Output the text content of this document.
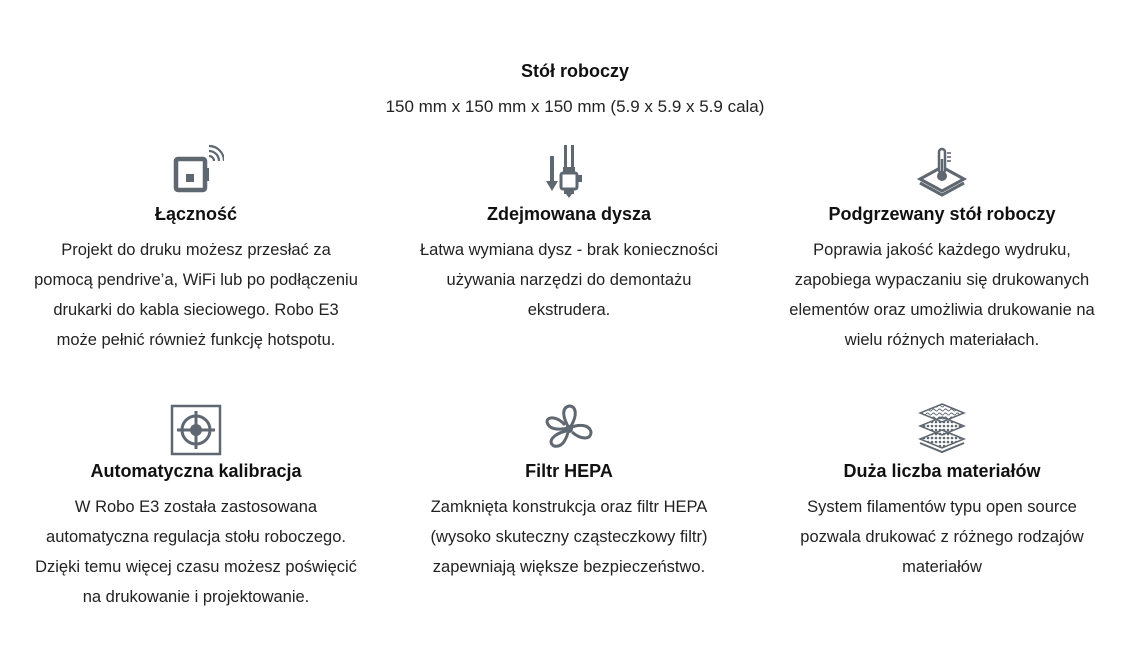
Stół roboczy
150 mm x 150 mm x 150 mm (5.9 x 5.9 x 5.9 cala)
Łączność
Projekt do druku możesz przesłać za
pomocą pendrive’a, WiFi lub po podłączeniu
drukarki do kabla sieciowego. Robo E3
może pełnić również funkcję hotspotu.
Zdejmowana dysza
Łatwa wymiana dysz - brak konieczności
używania narzędzi do demontażu
ekstrudera.
Podgrzewany stół roboczy
Poprawia jakość każdego wydruku,
zapobiega wypaczaniu się drukowanych
elementów oraz umożliwia drukowanie na
wielu różnych materiałach.
Automatyczna kalibracja
W Robo E3 została zastosowana
automatyczna regulacja stołu roboczego.
Dzięki temu więcej czasu możesz poświęcić
na drukowanie i projektowanie.
Filtr HEPA
Zamknięta konstrukcja oraz filtr HEPA
(wysoko skuteczny cząsteczkowy filtr)
zapewniają większe bezpieczeństwo.
Duża liczba materiałów
System filamentów typu open source
pozwala drukować z różnego rodzajów
materiałów
